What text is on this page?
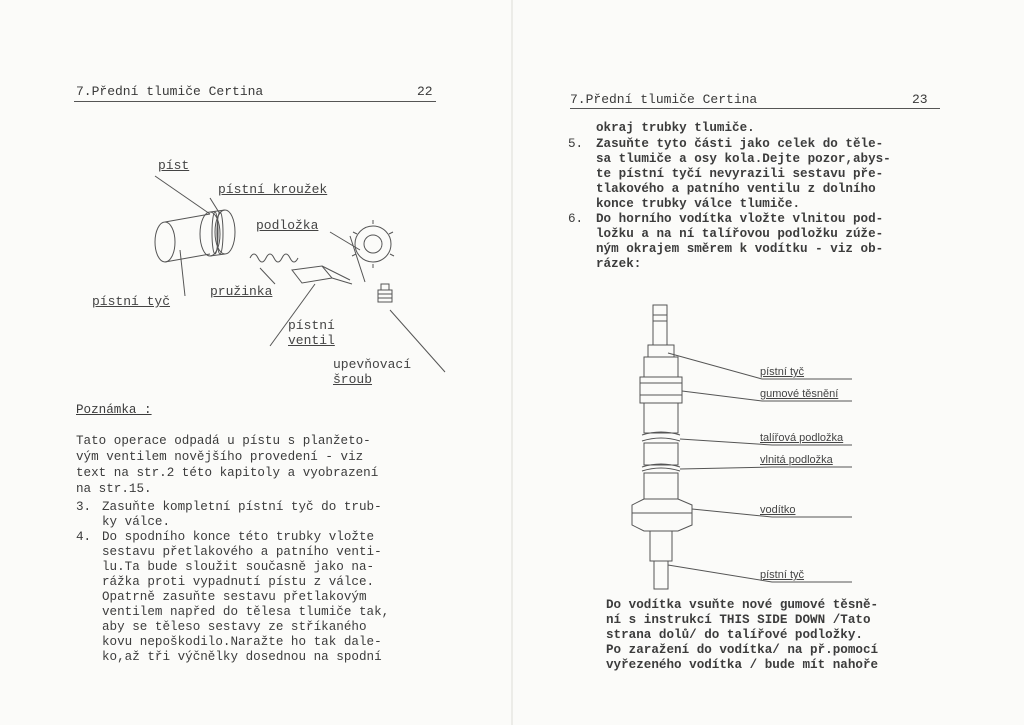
7.Přední tlumiče Certina	22
píst
pístní kroužek
podložka
pružinka
pístní tyč
pístní
ventil
upevňovací
šroub
Poznámka :
Tato operace odpadá u pístu s planžeto-
vým ventilem novějšího provedení - viz
text na str.2 této kapitoly a vyobrazení
na str.15.
3. Zasuňte kompletní pístní tyč do trub-
ky válce.
4. Do spodního konce této trubky vložte
sestavu přetlakového a patního venti-
lu.Ta bude sloužit současně jako na-
rážka proti vypadnutí pístu z válce.
Opatrně zasuňte sestavu přetlakovým
ventilem napřed do tělesa tlumiče tak,
aby se těleso sestavy ze stříkaného
kovu nepoškodilo.Naražte ho tak dale-
ko,až tři výčnělky dosednou na spodní
7.Přední tlumiče Certina	23
okraj trubky tlumiče.
5. Zasuňte tyto části jako celek do těle-
sa tlumiče a osy kola.Dejte pozor,abys-
te pístní tyčí nevyrazili sestavu pře-
tlakového a patního ventilu z dolního
konce trubky válce tlumiče.
6. Do horního vodítka vložte vlnitou pod-
ložku a na ní talířovou podložku zúže-
ným okrajem směrem k vodítku - viz ob-
rázek:
pístní tyč
gumové těsnění
talířová podložka
vlnitá podložka
vodítko
pístní tyč
Do vodítka vsuňte nové gumové těsně-
ní s instrukcí THIS SIDE DOWN /Tato
strana dolů/ do talířové podložky.
Po zaražení do vodítka/ na př.pomocí
vyřezeného vodítka / bude mít nahoře
